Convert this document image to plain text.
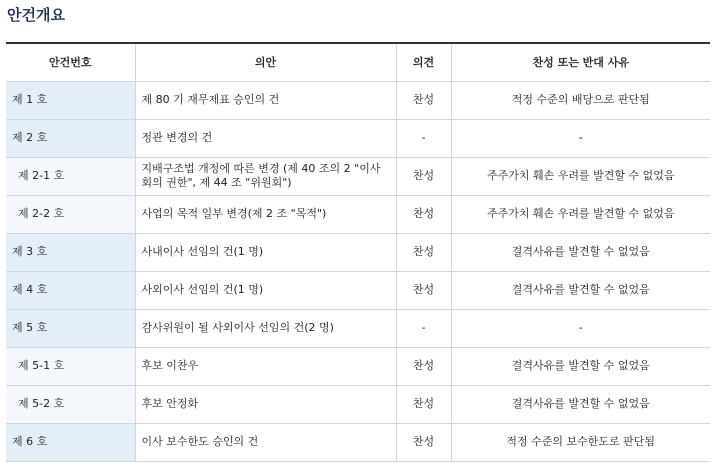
안건개요
안건번호	의안	의견	찬성 또는 반대 사유
제 1 호	제 80 기 재무제표 승인의 건	찬성	적정 수준의 배당으로 판단됨
제 2 호	정관 변경의 건	-	-
제 2-1 호	지배구조법 개정에 따른 변경 (제 40 조의 2 "이사회의 권한", 제 44 조 "위원회")	찬성	주주가치 훼손 우려를 발견할 수 없었음
제 2-2 호	사업의 목적 일부 변경(제 2 조 "목적")	찬성	주주가치 훼손 우려를 발견할 수 없었음
제 3 호	사내이사 선임의 건(1 명)	찬성	결격사유를 발견할 수 없었음
제 4 호	사외이사 선임의 건(1 명)	찬성	결격사유를 발견할 수 없었음
제 5 호	감사위원이 될 사외이사 선임의 건(2 명)	-	-
제 5-1 호	후보 이찬우	찬성	결격사유를 발견할 수 없었음
제 5-2 호	후보 안정화	찬성	결격사유를 발견할 수 없었음
제 6 호	이사 보수한도 승인의 건	찬성	적정 수준의 보수한도로 판단됨
